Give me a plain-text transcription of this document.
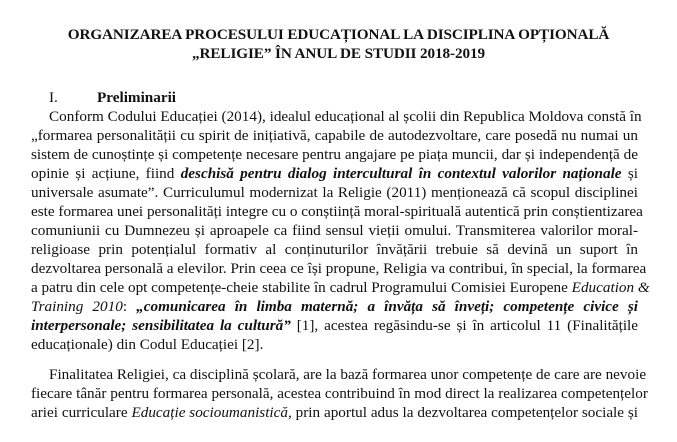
ORGANIZAREA PROCESULUI EDUCAȚIONAL LA DISCIPLINA OPȚIONALĂ
„RELIGIE” ÎN ANUL DE STUDII 2018-2019
I.	Preliminarii
Conform Codului Educației (2014), idealul educațional al școlii din Republica Moldova constă în
„formarea personalității cu spirit de inițiativă, capabile de autodezvoltare, care posedă nu numai un
sistem de cunoștințe și competențe necesare pentru angajare pe piața muncii, dar și independență de
opinie și acțiune, fiind deschisă pentru dialog intercultural în contextul valorilor naționale și
universale asumate”. Curriculumul modernizat la Religie (2011) menționează că scopul disciplinei
este formarea unei personalități integre cu o conștiință moral-spirituală autentică prin conștientizarea
comuniunii cu Dumnezeu și aproapele ca fiind sensul vieții omului. Transmiterea valorilor moral-
religioase prin potențialul formativ al conținuturilor învățării trebuie să devină un suport în
dezvoltarea personală a elevilor. Prin ceea ce își propune, Religia va contribui, în special, la formarea
a patru din cele opt competențe-cheie stabilite în cadrul Programului Comisiei Europene Education &
Training 2010: „comunicarea în limba maternă; a învăța să înveți; competențe civice și
interpersonale; sensibilitatea la cultură” [1], acestea regăsindu-se și în articolul 11 (Finalitățile
educaționale) din Codul Educației [2].
Finalitatea Religiei, ca disciplină școlară, are la bază formarea unor competențe de care are nevoie
fiecare tânăr pentru formarea personală, acestea contribuind în mod direct la realizarea competențelor
ariei curriculare Educație socioumanistică, prin aportul adus la dezvoltarea competențelor sociale și
